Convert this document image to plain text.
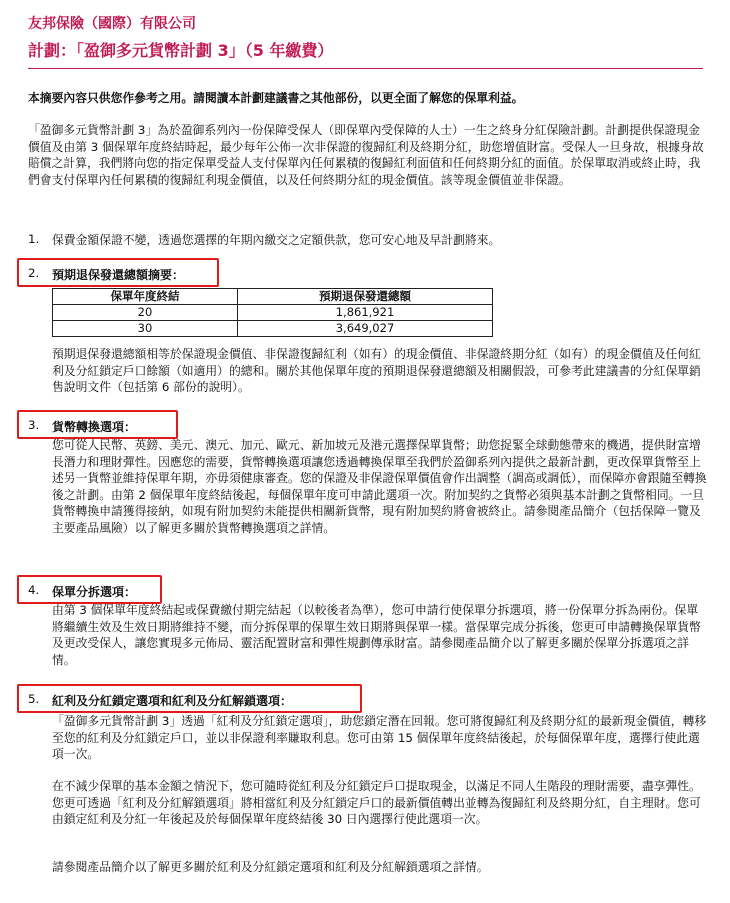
友邦保險（國際）有限公司
計劃：「盈御多元貨幣計劃 3」（5 年繳費）

本摘要內容只供您作參考之用。請閱讀本計劃建議書之其他部份，以更全面了解您的保單利益。

「盈御多元貨幣計劃 3」為於盈御系列內一份保障受保人（即保單內受保障的人士）一生之終身分紅保險計劃。計劃提供保證現金價值及由第 3 個保單年度終結時起，最少每年公佈一次非保證的復歸紅利及終期分紅，助您增值財富。受保人一旦身故，根據身故賠償之計算，我們將向您的指定保單受益人支付保單內任何累積的復歸紅利面值和任何終期分紅的面值。於保單取消或終止時，我們會支付保單內任何累積的復歸紅利現金價值，以及任何終期分紅的現金價值。該等現金價值並非保證。

1. 保費金額保證不變，透過您選擇的年期內繳交之定額供款，您可安心地及早計劃將來。

2. 預期退保發還總額摘要：
保單年度終結	預期退保發還總額
20	1,861,921
30	3,649,027

預期退保發還總額相等於保證現金價值、非保證復歸紅利（如有）的現金價值、非保證終期分紅（如有）的現金價值及任何紅利及分紅鎖定戶口餘額（如適用）的總和。關於其他保單年度的預期退保發還總額及相關假設，可參考此建議書的分紅保單銷售說明文件（包括第 6 部份的說明）。

3. 貨幣轉換選項：

您可從人民幣、英鎊、美元、澳元、加元、歐元、新加坡元及港元選擇保單貨幣；助您捉緊全球動態帶來的機遇，提供財富增長潛力和理財彈性。因應您的需要，貨幣轉換選項讓您透過轉換保單至我們於盈御系列內提供之最新計劃，更改保單貨幣至上述另一貨幣並維持保單年期，亦毋須健康審查。您的保證及非保證保單價值會作出調整（調高或調低），而保障亦會跟隨至轉換後之計劃。由第 2 個保單年度終結後起，每個保單年度可申請此選項一次。附加契約之貨幣必須與基本計劃之貨幣相同。一旦貨幣轉換申請獲得接納，如現有附加契約未能提供相關新貨幣，現有附加契約將會被終止。請參閱產品簡介（包括保障一覽及主要產品風險）以了解更多關於貨幣轉換選項之詳情。

4. 保單分拆選項：

由第 3 個保單年度終結起或保費繳付期完結起（以較後者為準），您可申請行使保單分拆選項，將一份保單分拆為兩份。保單將繼續生效及生效日期將維持不變，而分拆保單的保單生效日期將與保單一樣。當保單完成分拆後，您更可申請轉換保單貨幣及更改受保人，讓您實現多元佈局、靈活配置財富和彈性規劃傳承財富。請參閱產品簡介以了解更多關於保單分拆選項之詳情。

5. 紅利及分紅鎖定選項和紅利及分紅解鎖選項：

「盈御多元貨幣計劃 3」透過「紅利及分紅鎖定選項」，助您鎖定潛在回報。您可將復歸紅利及終期分紅的最新現金價值，轉移至您的紅利及分紅鎖定戶口，並以非保證利率賺取利息。您可由第 15 個保單年度終結後起，於每個保單年度，選擇行使此選項一次。

在不減少保單的基本金額之情況下，您可隨時從紅利及分紅鎖定戶口提取現金，以滿足不同人生階段的理財需要，盡享彈性。您更可透過「紅利及分紅解鎖選項」將相當紅利及分紅鎖定戶口的最新價值轉出並轉為復歸紅利及終期分紅，自主理財。您可由鎖定紅利及分紅一年後起及於每個保單年度終結後 30 日內選擇行使此選項一次。

請參閱產品簡介以了解更多關於紅利及分紅鎖定選項和紅利及分紅解鎖選項之詳情。
